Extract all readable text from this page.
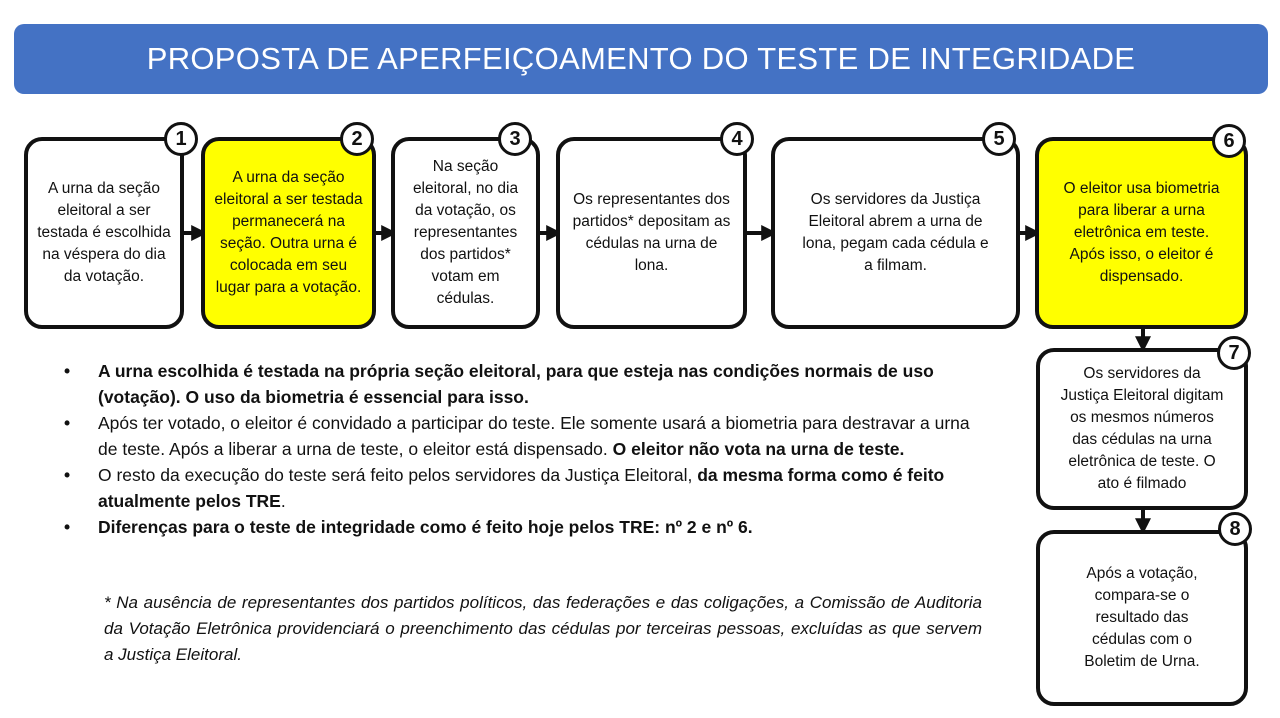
PROPOSTA DE APERFEIÇOAMENTO DO TESTE DE INTEGRIDADE
A urna da seção eleitoral a ser testada é escolhida na véspera do dia da votação.
1
A urna da seção eleitoral a ser testada permanecerá na seção. Outra urna é colocada em seu lugar para a votação.
2
Na seção eleitoral, no dia da votação, os representantes dos partidos* votam em cédulas.
3
Os representantes dos partidos* depositam as cédulas na urna de lona.
4
Os servidores da Justiça Eleitoral abrem a urna de lona, pegam cada cédula e a filmam.
5
O eleitor usa biometria para liberar a urna eletrônica em teste. Após isso, o eleitor é dispensado.
6
Os servidores da Justiça Eleitoral digitam os mesmos números das cédulas na urna eletrônica de teste. O ato é filmado
7
Após a votação, compara-se o resultado das cédulas com o Boletim de Urna.
8
• A urna escolhida é testada na própria seção eleitoral, para que esteja nas condições normais de uso (votação). O uso da biometria é essencial para isso.
• Após ter votado, o eleitor é convidado a participar do teste. Ele somente usará a biometria para destravar a urna de teste. Após a liberar a urna de teste, o eleitor está dispensado. O eleitor não vota na urna de teste.
• O resto da execução do teste será feito pelos servidores da Justiça Eleitoral, da mesma forma como é feito atualmente pelos TRE.
• Diferenças para o teste de integridade como é feito hoje pelos TRE: nº 2 e nº 6.
* Na ausência de representantes dos partidos políticos, das federações e das coligações, a Comissão de Auditoria da Votação Eletrônica providenciará o preenchimento das cédulas por terceiras pessoas, excluídas as que servem a Justiça Eleitoral.
